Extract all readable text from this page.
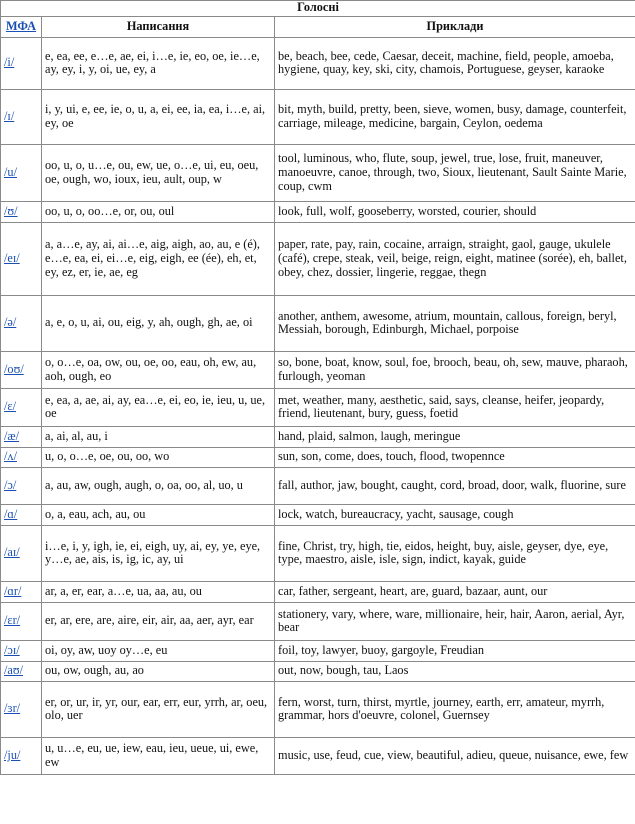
Голосні		
МФА	Написання	Приклади
/i/	e, ea, ee, e…e, ae, ei, i…e, ie, eo, oe, ie…e, ay, ey, i, y, oi, ue, ey, a	be, beach, bee, cede, Caesar, deceit, machine, field, people, amoeba, hygiene, quay, key, ski, city, chamois, Portuguese, geyser, karaoke
/ɪ/	i, y, ui, e, ee, ie, o, u, a, ei, ee, ia, ea, i…e, ai, ey, oe	bit, myth, build, pretty, been, sieve, women, busy, damage, counterfeit, carriage, mileage, medicine, bargain, Ceylon, oedema
/u/	oo, u, o, u…e, ou, ew, ue, o…e, ui, eu, oeu, oe, ough, wo, ioux, ieu, ault, oup, w	tool, luminous, who, flute, soup, jewel, true, lose, fruit, maneuver, manoeuvre, canoe, through, two, Sioux, lieutenant, Sault Sainte Marie, coup, cwm
/ʊ/	oo, u, o, oo…e, or, ou, oul	look, full, wolf, gooseberry, worsted, courier, should
/eɪ/	a, a…e, ay, ai, ai…e, aig, aigh, ao, au, e (é), e…e, ea, ei, ei…e, eig, eigh, ee (ée), eh, et, ey, ez, er, ie, ae, eg	paper, rate, pay, rain, cocaine, arraign, straight, gaol, gauge, ukulele (café), crepe, steak, veil, beige, reign, eight, matinee (sorée), eh, ballet, obey, chez, dossier, lingerie, reggae, thegn
/ə/	a, e, o, u, ai, ou, eig, y, ah, ough, gh, ae, oi	another, anthem, awesome, atrium, mountain, callous, foreign, beryl, Messiah, borough, Edinburgh, Michael, porpoise
/oʊ/	o, o…e, oa, ow, ou, oe, oo, eau, oh, ew, au, aoh, ough, eo	so, bone, boat, know, soul, foe, brooch, beau, oh, sew, mauve, pharaoh, furlough, yeoman
/ɛ/	e, ea, a, ae, ai, ay, ea…e, ei, eo, ie, ieu, u, ue, oe	met, weather, many, aesthetic, said, says, cleanse, heifer, jeopardy, friend, lieutenant, bury, guess, foetid
/æ/	a, ai, al, au, i	hand, plaid, salmon, laugh, meringue
/ʌ/	u, o, o…e, oe, ou, oo, wo	sun, son, come, does, touch, flood, twopennce
/ɔ/	a, au, aw, ough, augh, o, oa, oo, al, uo, u	fall, author, jaw, bought, caught, cord, broad, door, walk, fluorine, sure
/ɑ/	o, a, eau, ach, au, ou	lock, watch, bureaucracy, yacht, sausage, cough
/aɪ/	i…e, i, y, igh, ie, ei, eigh, uy, ai, ey, ye, eye, y…e, ae, ais, is, ig, ic, ay, ui	fine, Christ, try, high, tie, eidos, height, buy, aisle, geyser, dye, eye, type, maestro, aisle, isle, sign, indict, kayak, guide
/ɑr/	ar, a, er, ear, a…e, ua, aa, au, ou	car, father, sergeant, heart, are, guard, bazaar, aunt, our
/ɛr/	er, ar, ere, are, aire, eir, air, aa, aer, ayr, ear	stationery, vary, where, ware, millionaire, heir, hair, Aaron, aerial, Ayr, bear
/ɔɪ/	oi, oy, aw, uoy oy…e, eu	foil, toy, lawyer, buoy, gargoyle, Freudian
/aʊ/	ou, ow, ough, au, ao	out, now, bough, tau, Laos
/ɜr/	er, or, ur, ir, yr, our, ear, err, eur, yrrh, ar, oeu, olo, uer	fern, worst, turn, thirst, myrtle, journey, earth, err, amateur, myrrh, grammar, hors d'oeuvre, colonel, Guernsey
/ju/	u, u…e, eu, ue, iew, eau, ieu, ueue, ui, ewe, ew	music, use, feud, cue, view, beautiful, adieu, queue, nuisance, ewe, few
